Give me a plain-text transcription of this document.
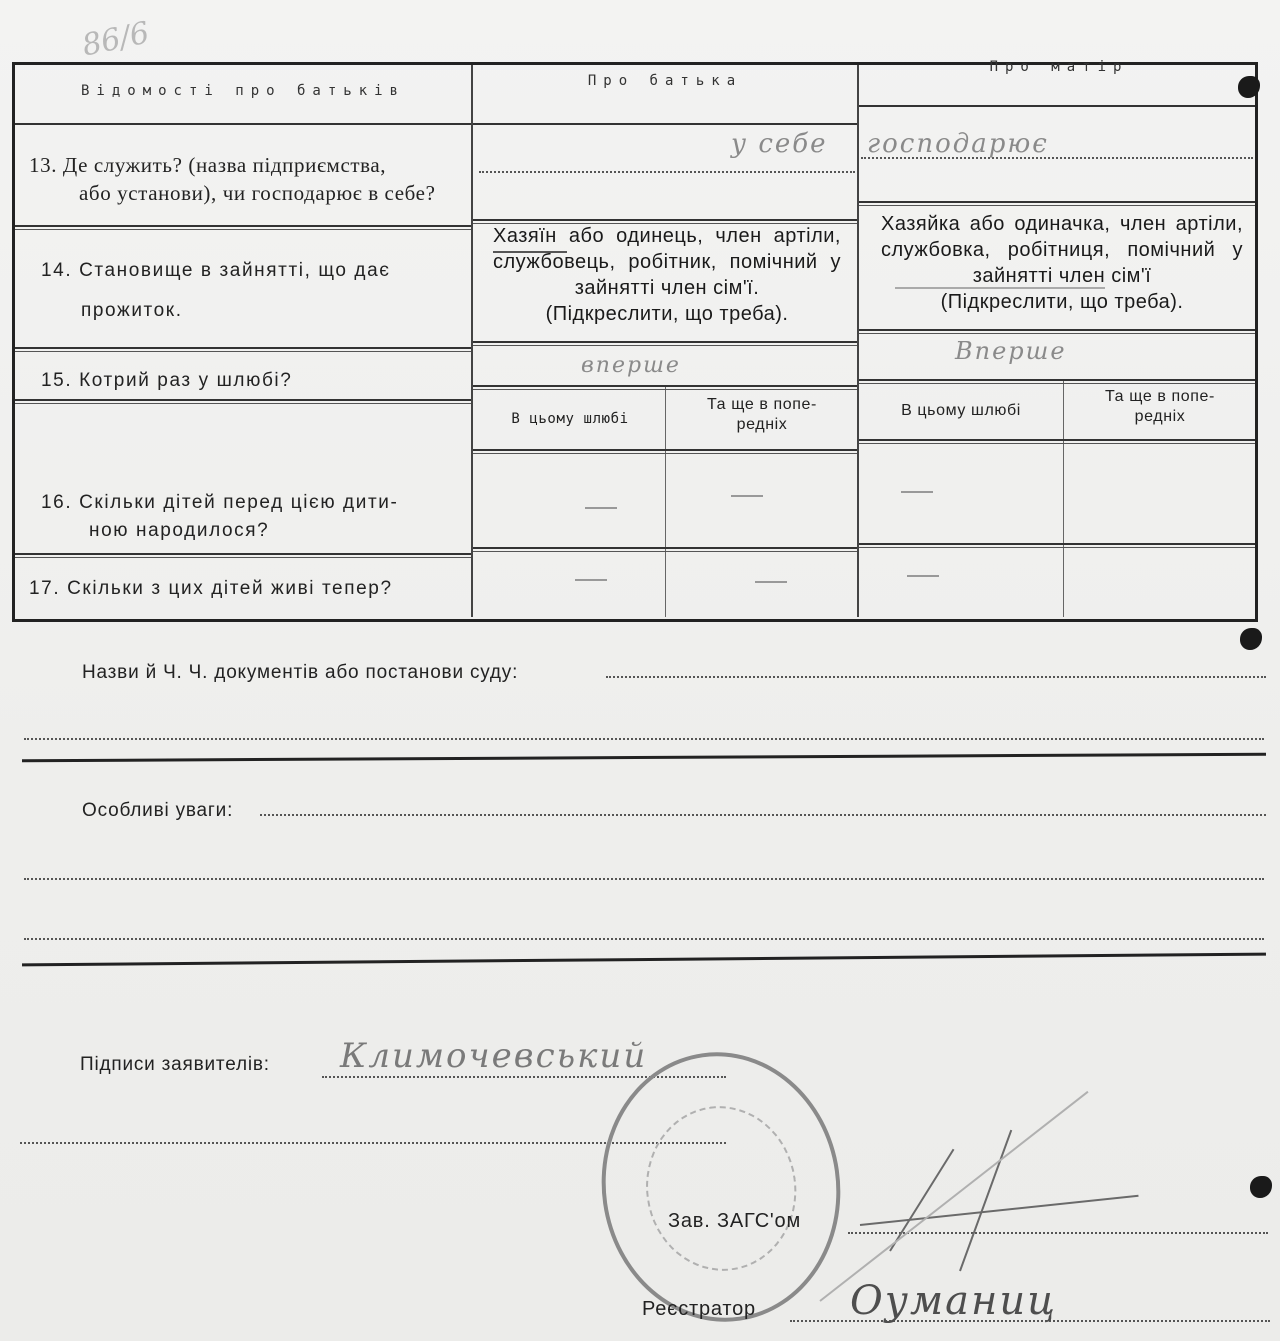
86/6
Відомості про батьків
Про батька
Про матір
13. Де служить? (назва підприємства,
або установи), чи господарює в себе?
у себе господарює
14. Становище в зайнятті, що дає
прожиток.
Хазяїн або одинець, член артіли, службовець, робітник, помічний у зайнятті член сім'ї.
(Підкреслити, що треба).
Хазяйка або одиначка, член артіли, службовка, робітниця, помічний у зайнятті член сім'ї
(Підкреслити, що треба).
15. Котрий раз у шлюбі?
вперше
Вперше
В цьому шлюбі
Та ще в попе-
редніх
В цьому шлюбі
Та ще в попе-
редніх
16. Скільки дітей перед цією дити-
ною народилося?
17. Скільки з цих дітей живі тепер?
Назви й Ч. Ч. документів або постанови суду:
Особливі уваги:
Підписи заявителів: Климочевський
Зав. ЗАГС'ом
Реєстратор Оуманиц
